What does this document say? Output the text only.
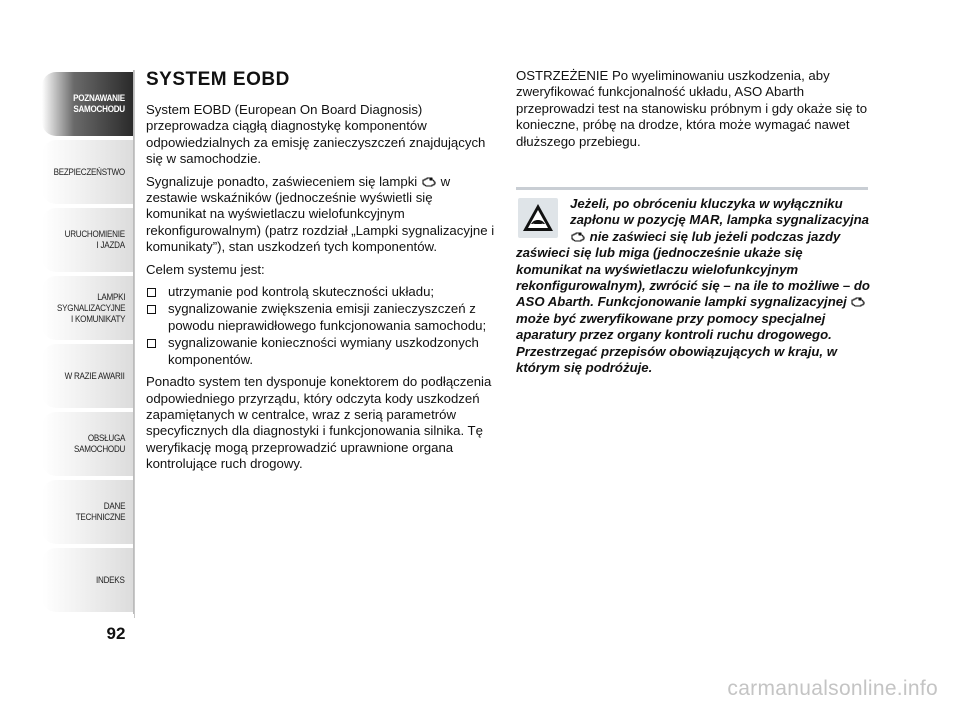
POZNAWANIE
SAMOCHODU
BEZPIECZEŃSTWO
URUCHOMIENIE
I JAZDA
LAMPKI
SYGNALIZACYJNE
I KOMUNIKATY
W RAZIE AWARII
OBSŁUGA
SAMOCHODU
DANE
TECHNICZNE
INDEKS
92
SYSTEM EOBD

System EOBD (European On Board Diagnosis) przeprowadza ciągłą diagnostykę komponentów odpowiedzialnych za emisję zanieczyszczeń znajdujących się w samochodzie.

Sygnalizuje ponadto, zaświeceniem się lampki w zestawie wskaźników (jednocześnie wyświetli się komunikat na wyświetlaczu wielofunkcyjnym rekonfigurowalnym) (patrz rozdział „Lampki sygnalizacyjne i komunikaty”), stan uszkodzeń tych komponentów.

Celem systemu jest:

utrzymanie pod kontrolą skuteczności układu;
sygnalizowanie zwiększenia emisji zanieczyszczeń z powodu nieprawidłowego funkcjonowania samochodu;
sygnalizowanie konieczności wymiany uszkodzonych komponentów.

Ponadto system ten dysponuje konektorem do podłączenia odpowiedniego przyrządu, który odczyta kody uszkodzeń zapamiętanych w centralce, wraz z serią parametrów specyficznych dla diagnostyki i funkcjonowania silnika. Tę weryfikację mogą przeprowadzić uprawnione organa kontrolujące ruch drogowy.

OSTRZEŻENIE Po wyeliminowaniu uszkodzenia, aby zweryfikować funkcjonalność układu, ASO Abarth przeprowadzi test na stanowisku próbnym i gdy okaże się to konieczne, próbę na drodze, która może wymagać nawet dłuższego przebiegu.

Jeżeli, po obróceniu kluczyka w wyłączniku zapłonu w pozycję MAR, lampka sygnalizacyjna  nie zaświeci się lub jeżeli podczas jazdy zaświeci się lub miga (jednocześnie ukaże się komunikat na wyświetlaczu wielofunkcyjnym rekonfigurowalnym), zwrócić się – na ile to możliwe – do ASO Abarth. Funkcjonowanie lampki sygnalizacyjnej  może być zweryfikowane przy pomocy specjalnej aparatury przez organy kontroli ruchu drogowego. Przestrzegać przepisów obowiązujących w kraju, w którym się podróżuje.
carmanualsonline.info
